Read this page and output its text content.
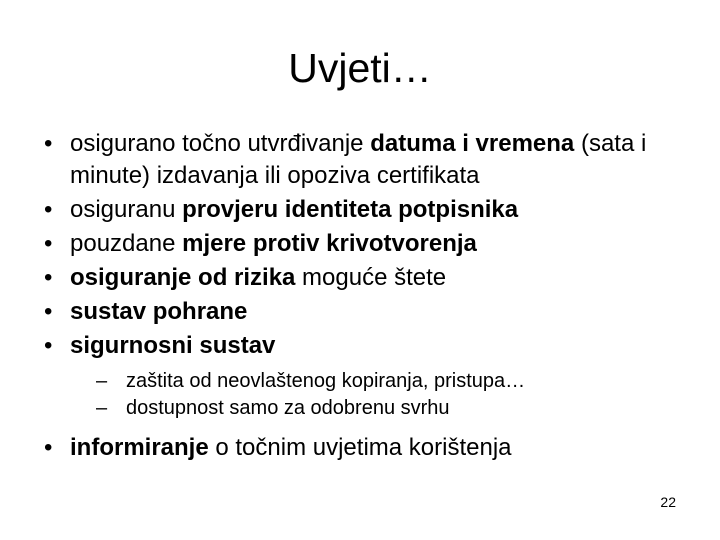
Uvjeti…
• osigurano točno utvrđivanje datuma i vremena (sata i minute) izdavanja ili opoziva certifikata
• osiguranu provjeru identiteta potpisnika
• pouzdane mjere protiv krivotvorenja
• osiguranje od rizika moguće štete
• sustav pohrane
• sigurnosni sustav
– zaštita od neovlaštenog kopiranja, pristupa…
– dostupnost samo za odobrenu svrhu
• informiranje o točnim uvjetima korištenja
22
